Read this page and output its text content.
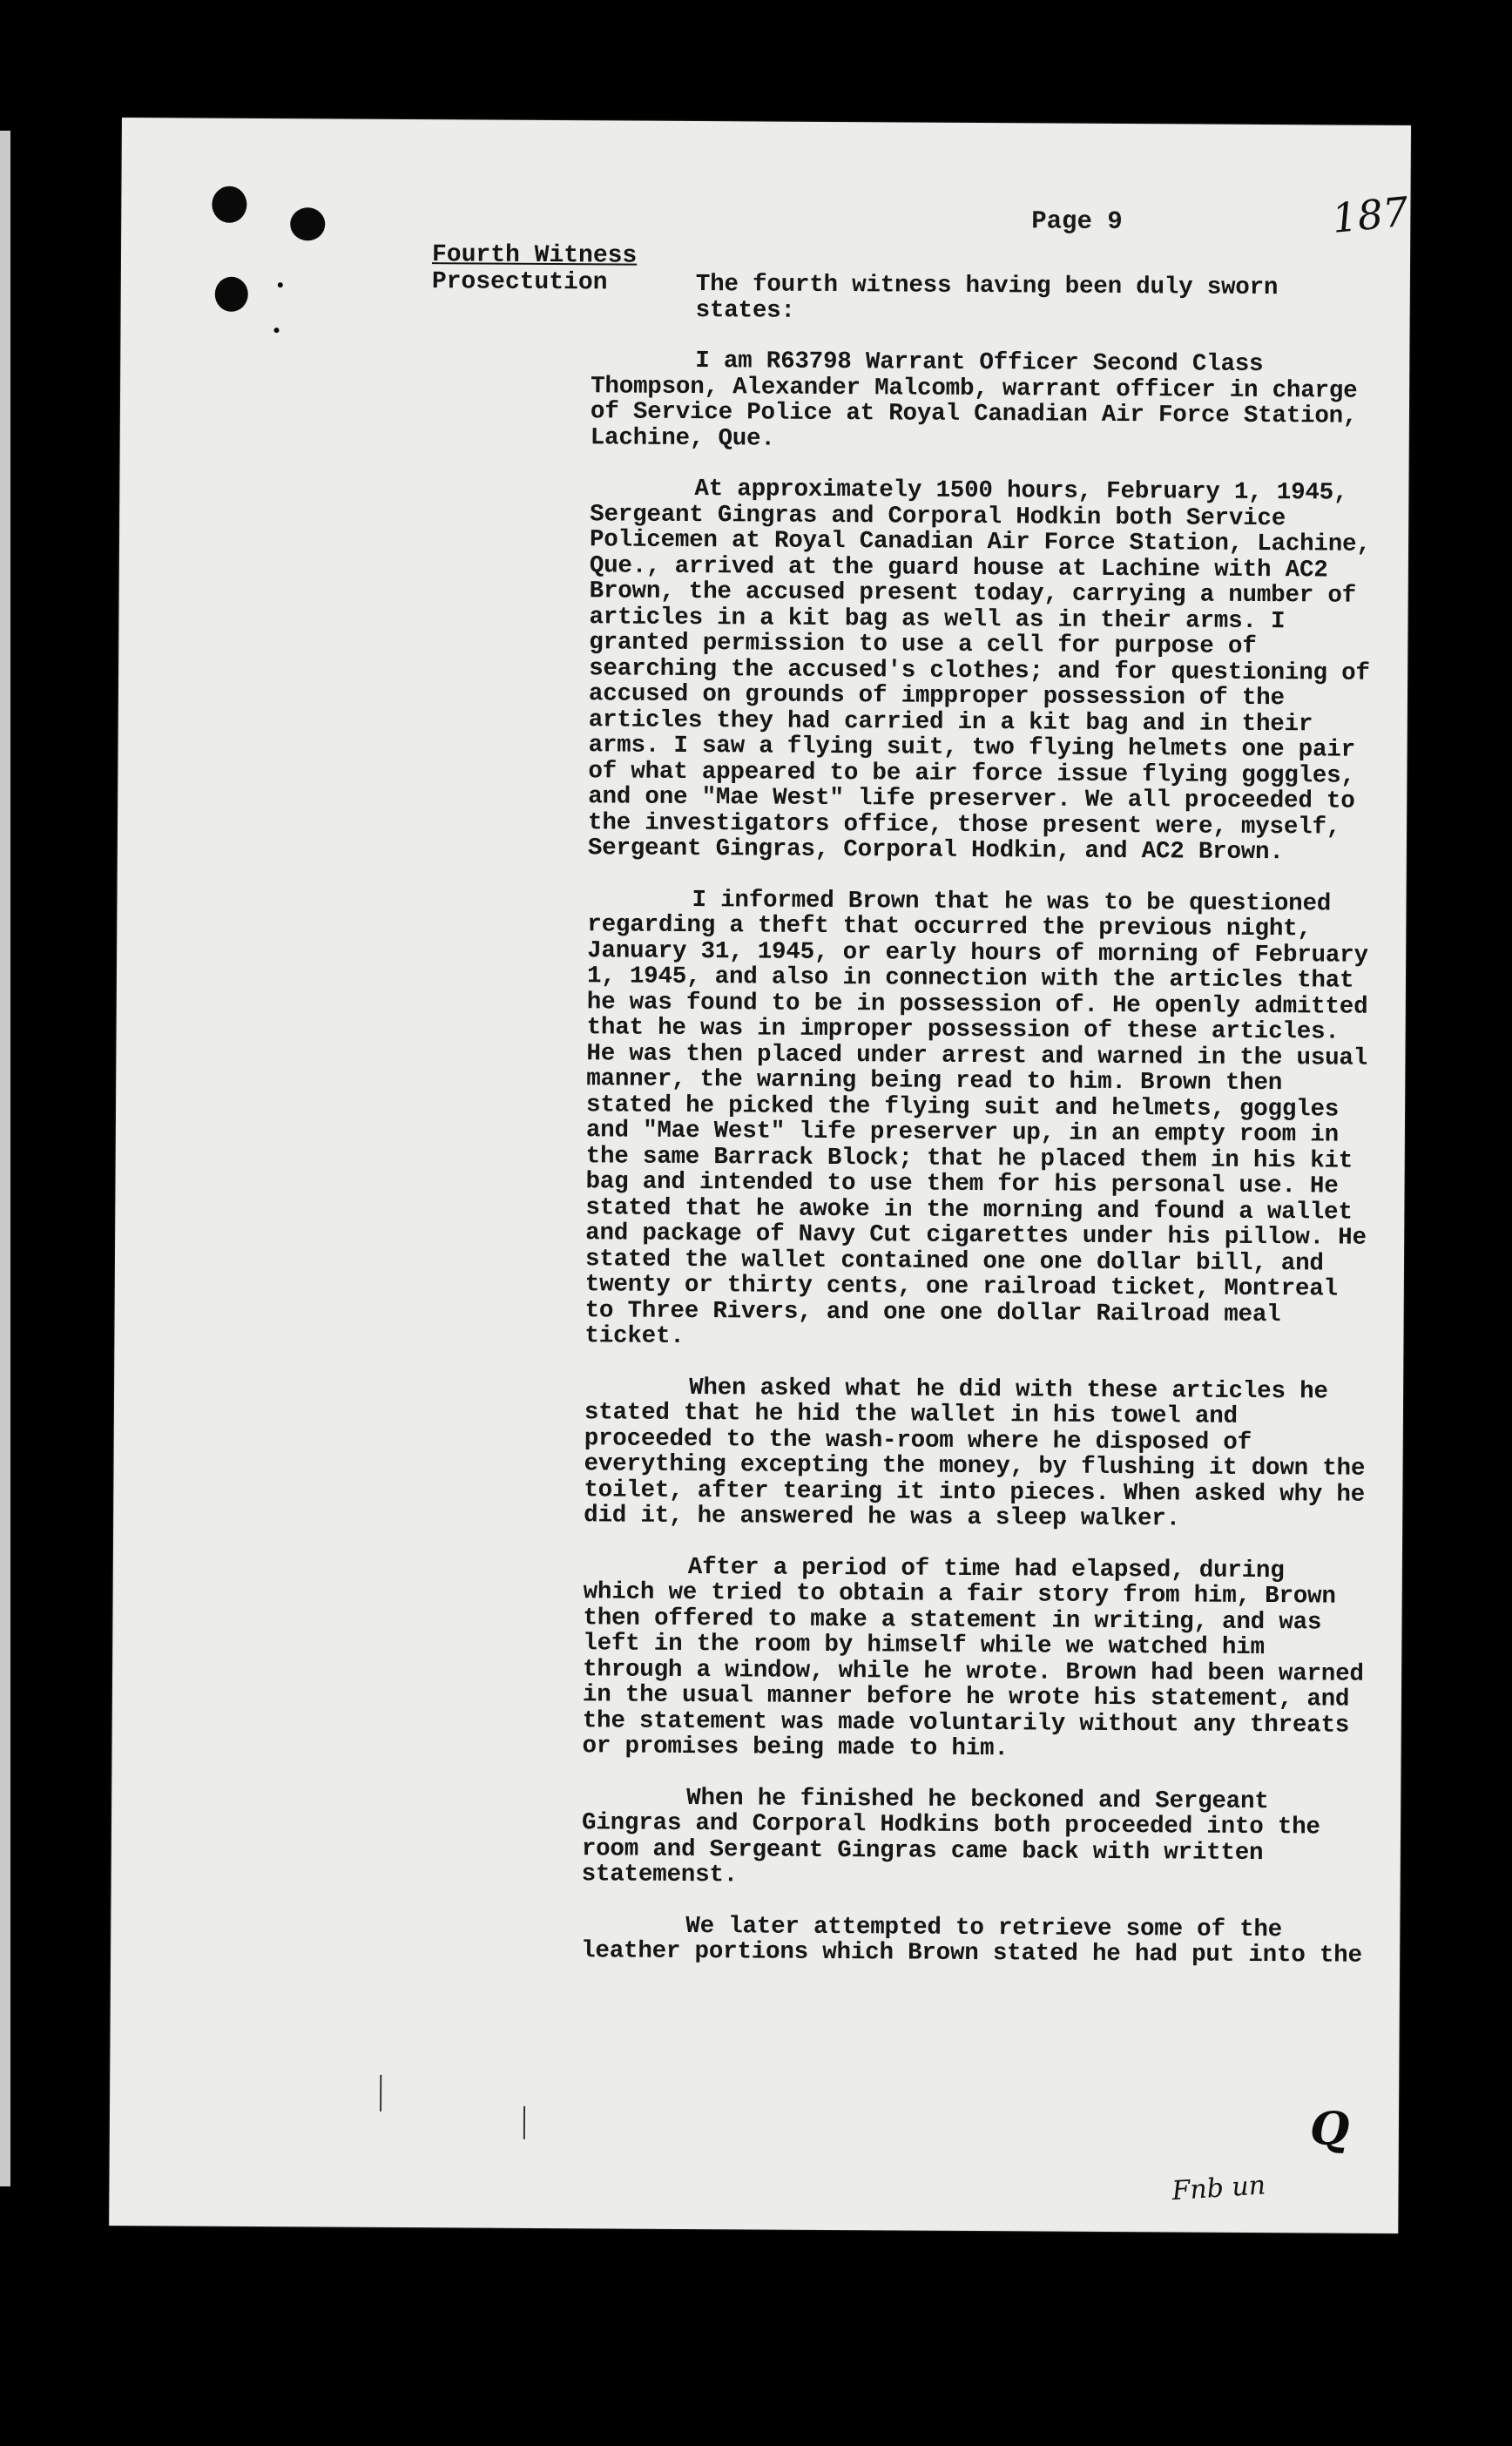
Page 9	187
Fourth Witness
Prosectution	The fourth witness having been duly sworn states:

I am R63798 Warrant Officer Second Class Thompson, Alexander Malcomb, warrant officer in charge of Service Police at Royal Canadian Air Force Station, Lachine, Que.

At approximately 1500 hours, February 1, 1945, Sergeant Gingras and Corporal Hodkin both Service Policemen at Royal Canadian Air Force Station, Lachine, Que., arrived at the guard house at Lachine with AC2 Brown, the accused present today, carrying a number of articles in a kit bag as well as in their arms. I granted permission to use a cell for purpose of searching the accused's clothes; and for questioning of accused on grounds of impproper possession of the articles they had carried in a kit bag and in their arms. I saw a flying suit, two flying helmets one pair of what appeared to be air force issue flying goggles, and one "Mae West" life preserver. We all proceeded to the investigators office, those present were, myself, Sergeant Gingras, Corporal Hodkin, and AC2 Brown.

I informed Brown that he was to be questioned regarding a theft that occurred the previous night, January 31, 1945, or early hours of morning of February 1, 1945, and also in connection with the articles that he was found to be in possession of. He openly admitted that he was in improper possession of these articles. He was then placed under arrest and warned in the usual manner, the warning being read to him. Brown then stated he picked the flying suit and helmets, goggles and "Mae West" life preserver up, in an empty room in the same Barrack Block; that he placed them in his kit bag and intended to use them for his personal use. He stated that he awoke in the morning and found a wallet and package of Navy Cut cigarettes under his pillow. He stated the wallet contained one one dollar bill, and twenty or thirty cents, one railroad ticket, Montreal to Three Rivers, and one one dollar Railroad meal ticket.

When asked what he did with these articles he stated that he hid the wallet in his towel and proceeded to the wash-room where he disposed of everything excepting the money, by flushing it down the toilet, after tearing it into pieces. When asked why he did it, he answered he was a sleep walker.

After a period of time had elapsed, during which we tried to obtain a fair story from him, Brown then offered to make a statement in writing, and was left in the room by himself while we watched him through a window, while he wrote. Brown had been warned in the usual manner before he wrote his statement, and the statement was made voluntarily without any threats or promises being made to him.

When he finished he beckoned and Sergeant Gingras and Corporal Hodkins both proceeded into the room and Sergeant Gingras came back with written statemenst.

We later attempted to retrieve some of the leather portions which Brown stated he had put into the

Q
Fnb un
